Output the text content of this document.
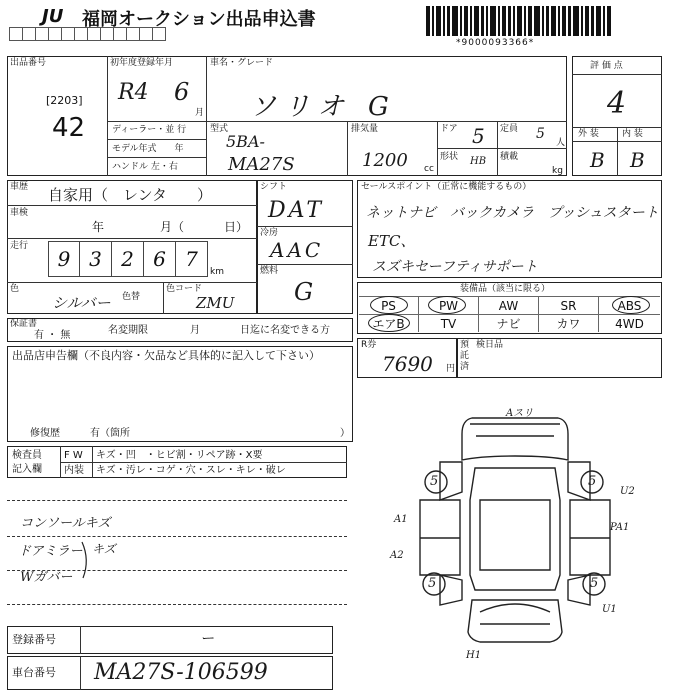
JU 福岡オークション出品申込書
*9000093366*
出品番号
[2203]
42
初年度登録年月
R4 6
月
車名・グレード
ソリオ G
ディーラー・並 行
モデル年式　　年
ハンドル 左・右
型式
5BA-
MA27S
排気量
1200 cc
ドア 5 定員 5
人
形状 HB 積載
kg
評 価 点
4
外 装	内 装
B B
車歴 自家用（　レンタ　　）
車検
年	月（	日）
走行
9 3 2 6 7
km
色
シルバー 色替
色コード
ZMU
シフト
DAT
冷房
AAC
燃料
G
セールスポイント（正常に機能するもの）
ネットナビ　バックカメラ　プッシュスタート
ETC、
スズキセーフティサポート
装備品（該当に限る）
PS	PW	AW	SR	ABS
エアB	TV	ナビ	カワ	4WD
R券
7690 円
預託済
検日品
保証書
有 ・ 無	名変期限	月	日迄に名変できる方
出品店申告欄（不良内容・欠品など具体的に記入して下さい）
修復歴	有（箇所	）
検査員
記入欄
F W キズ・凹　・ヒビ割・リペア跡・X要
内装 キズ・汚レ・コゲ・穴・スレ・キレ・破レ
コンソールキズ
ドアミラー
Wガバー
キズ
5	5
5	5
Aスリ
A1
A2
U2
PA1
U1
H1
登録番号	ー
車台番号 MA27S-106599
